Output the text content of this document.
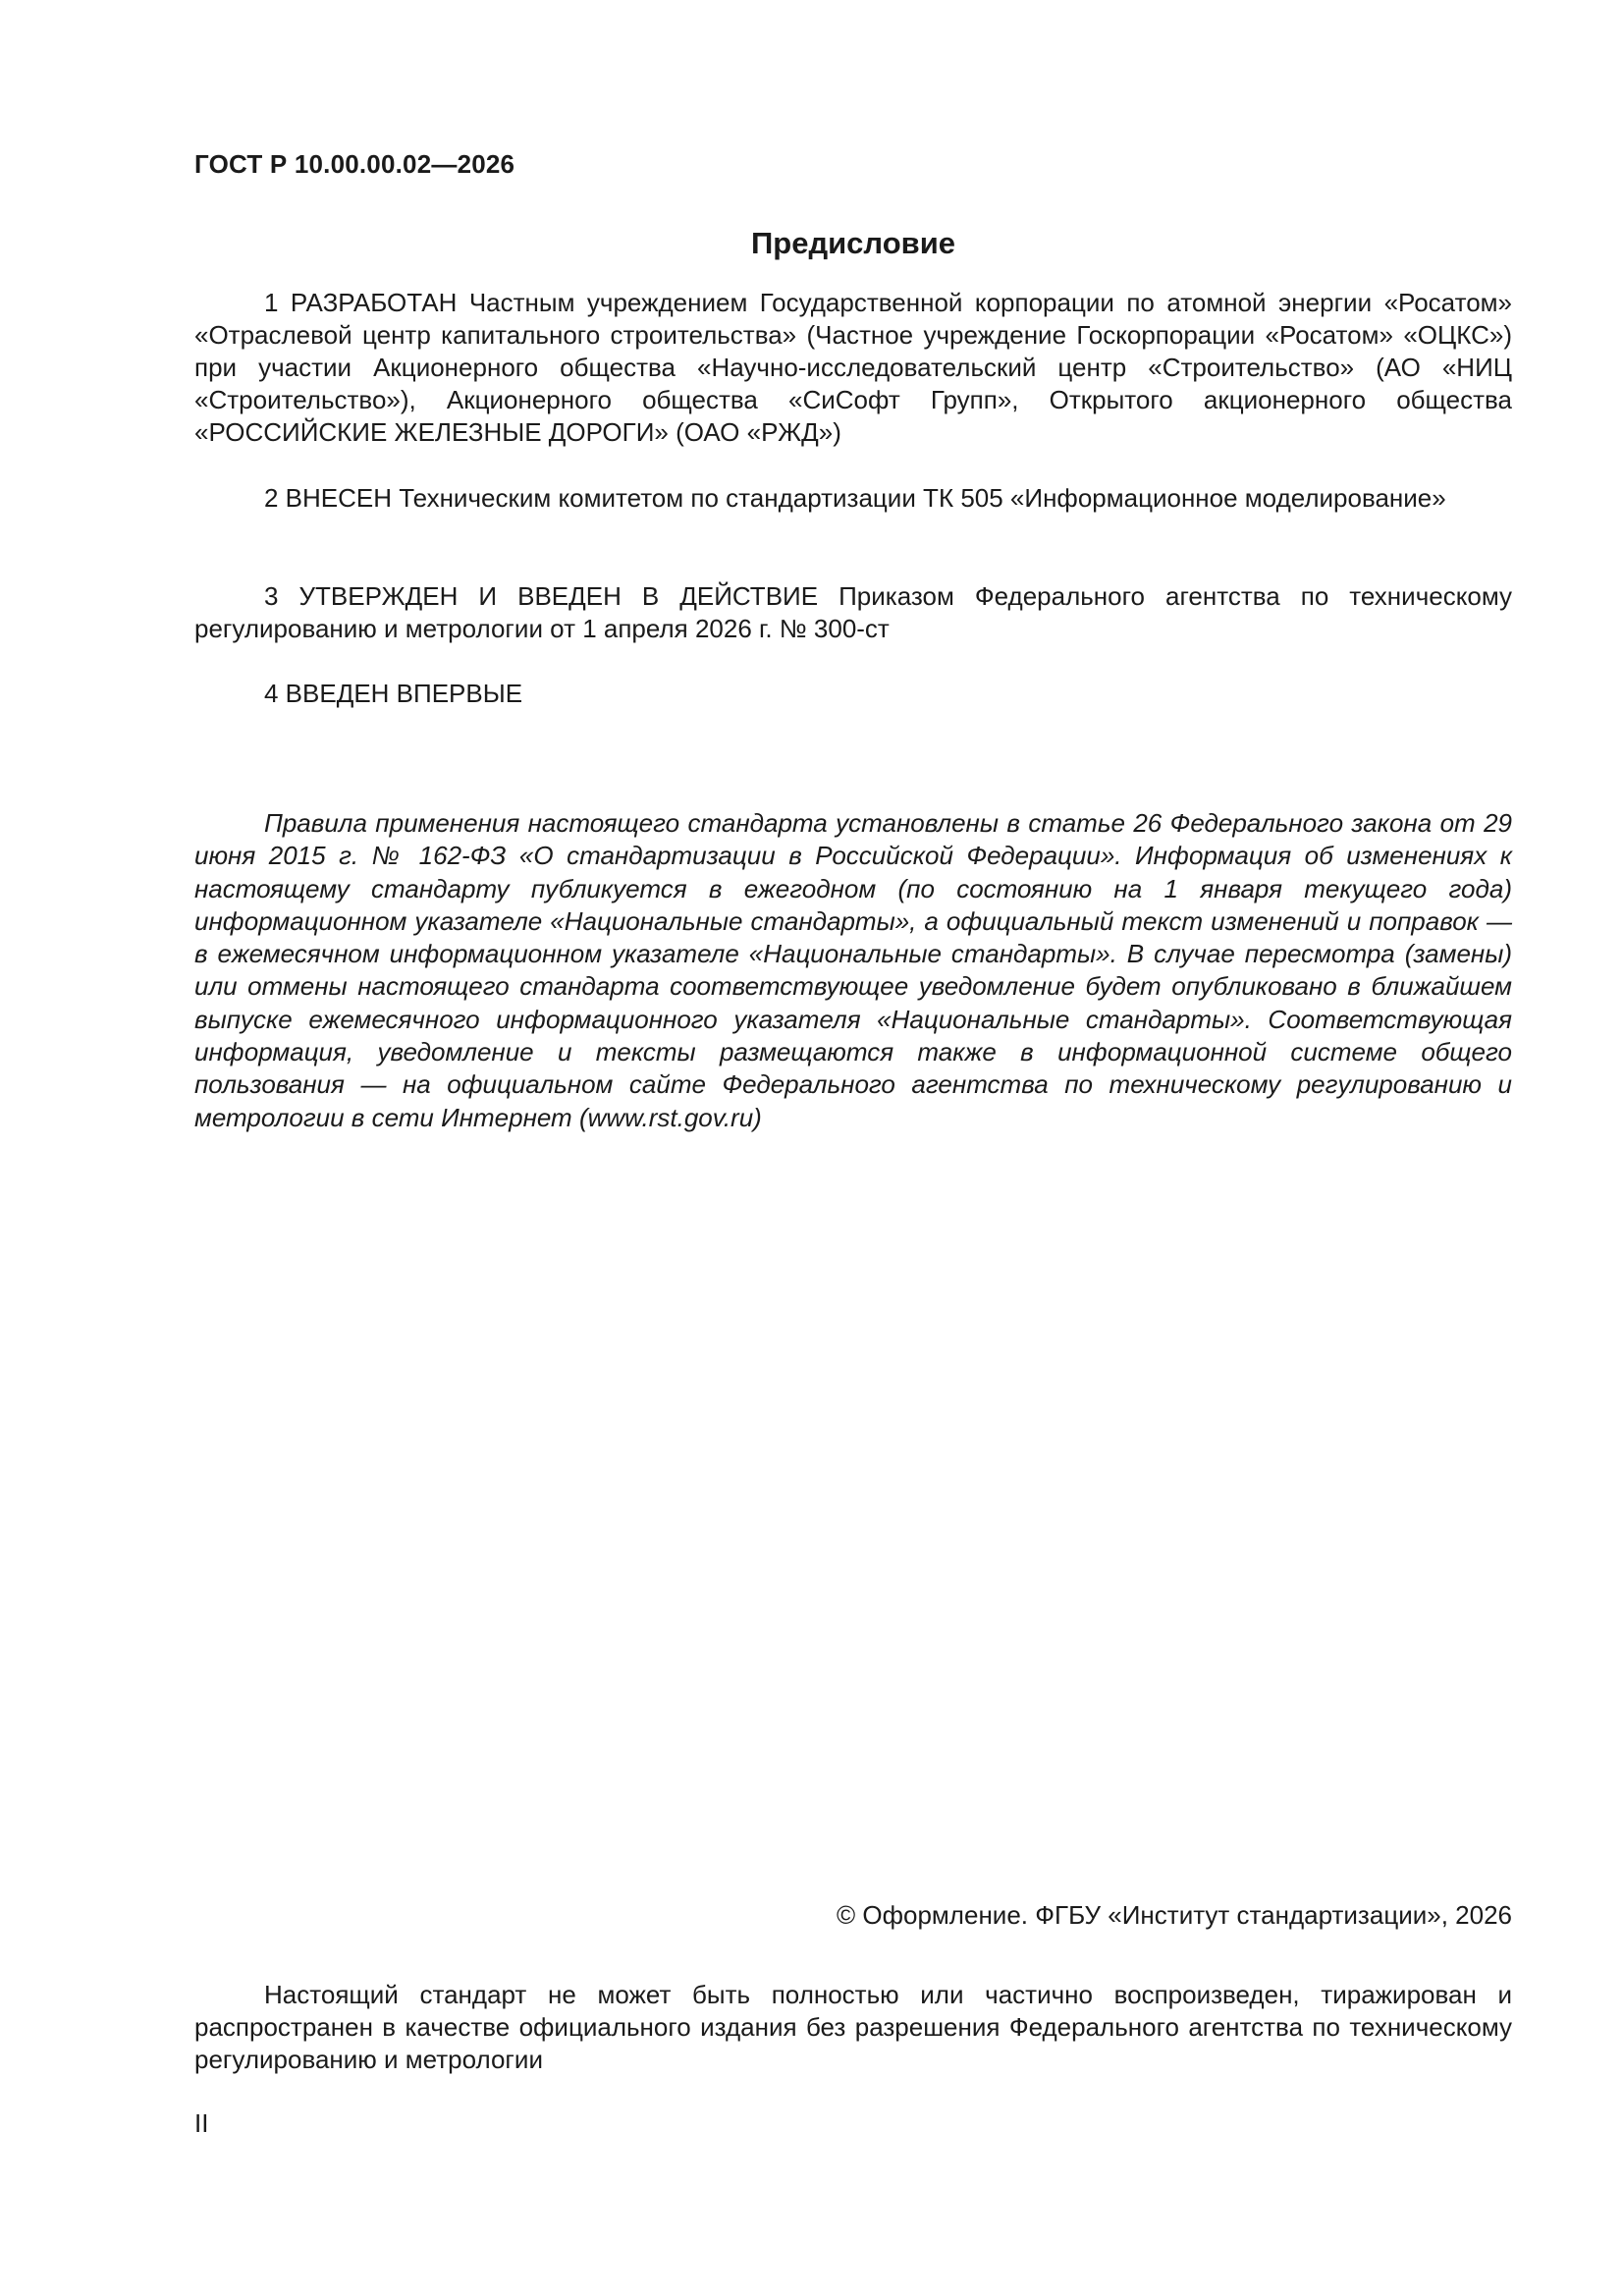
ГОСТ Р 10.00.00.02—2026
Предисловие

1 РАЗРАБОТАН Частным учреждением Государственной корпорации по атомной энергии «Росатом» «Отраслевой центр капитального строительства» (Частное учреждение Госкорпорации «Росатом» «ОЦКС») при участии Акционерного общества «Научно-исследовательский центр «Строительство» (АО «НИЦ «Строительство»), Акционерного общества «СиСофт Групп», Открытого акционерного общества «РОССИЙСКИЕ ЖЕЛЕЗНЫЕ ДОРОГИ» (ОАО «РЖД»)

2 ВНЕСЕН Техническим комитетом по стандартизации ТК 505 «Информационное моделирование»

3 УТВЕРЖДЕН И ВВЕДЕН В ДЕЙСТВИЕ Приказом Федерального агентства по техническому регулированию и метрологии от 1 апреля 2026 г. № 300-ст

4 ВВЕДЕН ВПЕРВЫЕ

Правила применения настоящего стандарта установлены в статье 26 Федерального закона от 29 июня 2015 г. № 162-ФЗ «О стандартизации в Российской Федерации». Информация об изменениях к настоящему стандарту публикуется в ежегодном (по состоянию на 1 января текущего года) информационном указателе «Национальные стандарты», а официальный текст изменений и поправок — в ежемесячном информационном указателе «Национальные стандарты». В случае пересмотра (замены) или отмены настоящего стандарта соответствующее уведомление будет опубликовано в ближайшем выпуске ежемесячного информационного указателя «Национальные стандарты». Соответствующая информация, уведомление и тексты размещаются также в информационной системе общего пользования — на официальном сайте Федерального агентства по техническому регулированию и метрологии в сети Интернет (www.rst.gov.ru)

© Оформление. ФГБУ «Институт стандартизации», 2026

Настоящий стандарт не может быть полностью или частично воспроизведен, тиражирован и распространен в качестве официального издания без разрешения Федерального агентства по техническому регулированию и метрологии

II
